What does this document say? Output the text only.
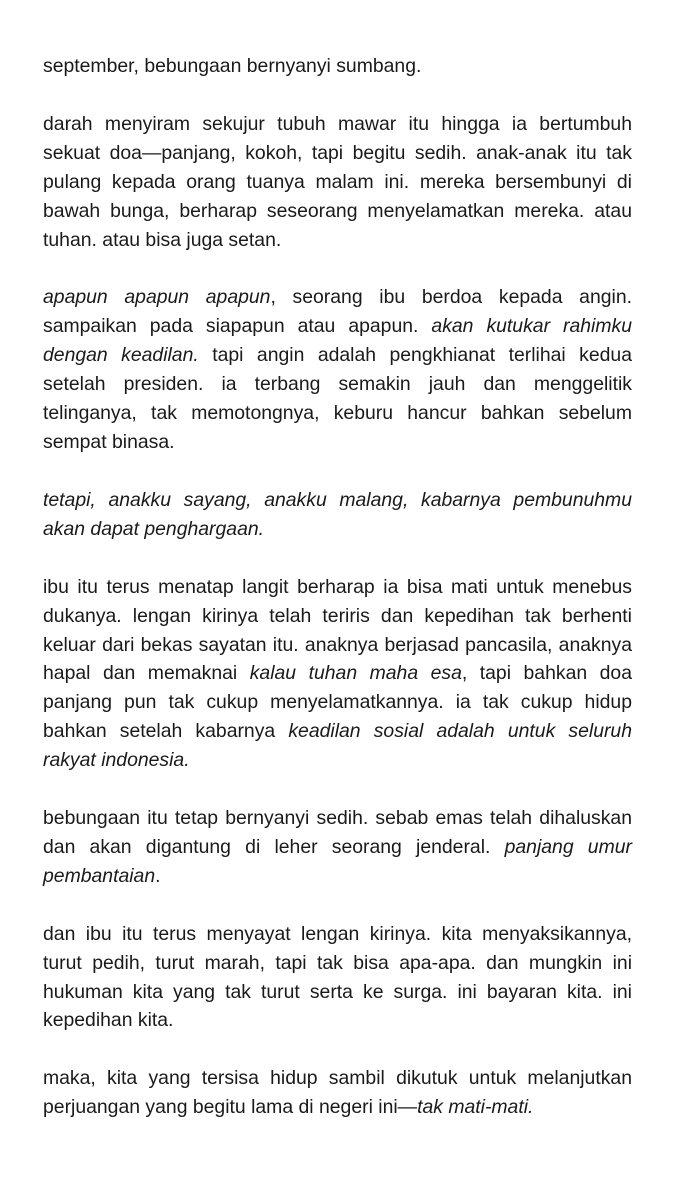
september, bebungaan bernyanyi sumbang.

darah menyiram sekujur tubuh mawar itu hingga ia bertumbuh sekuat doa—panjang, kokoh, tapi begitu sedih. anak-anak itu tak pulang kepada orang tuanya malam ini. mereka bersembunyi di bawah bunga, berharap seseorang menyelamatkan mereka. atau tuhan. atau bisa juga setan.

apapun apapun apapun, seorang ibu berdoa kepada angin. sampaikan pada siapapun atau apapun. akan kutukar rahimku dengan keadilan. tapi angin adalah pengkhianat terlihai kedua setelah presiden. ia terbang semakin jauh dan menggelitik telinganya, tak memotongnya, keburu hancur bahkan sebelum sempat binasa.

tetapi, anakku sayang, anakku malang, kabarnya pembunuhmu akan dapat penghargaan.

ibu itu terus menatap langit berharap ia bisa mati untuk menebus dukanya. lengan kirinya telah teriris dan kepedihan tak berhenti keluar dari bekas sayatan itu. anaknya berjasad pancasila, anaknya hapal dan memaknai kalau tuhan maha esa, tapi bahkan doa panjang pun tak cukup menyelamatkannya. ia tak cukup hidup bahkan setelah kabarnya keadilan sosial adalah untuk seluruh rakyat indonesia.

bebungaan itu tetap bernyanyi sedih. sebab emas telah dihaluskan dan akan digantung di leher seorang jenderal. panjang umur pembantaian.

dan ibu itu terus menyayat lengan kirinya. kita menyaksikannya, turut pedih, turut marah, tapi tak bisa apa-apa. dan mungkin ini hukuman kita yang tak turut serta ke surga. ini bayaran kita. ini kepedihan kita.

maka, kita yang tersisa hidup sambil dikutuk untuk melanjutkan perjuangan yang begitu lama di negeri ini—tak mati-mati.
